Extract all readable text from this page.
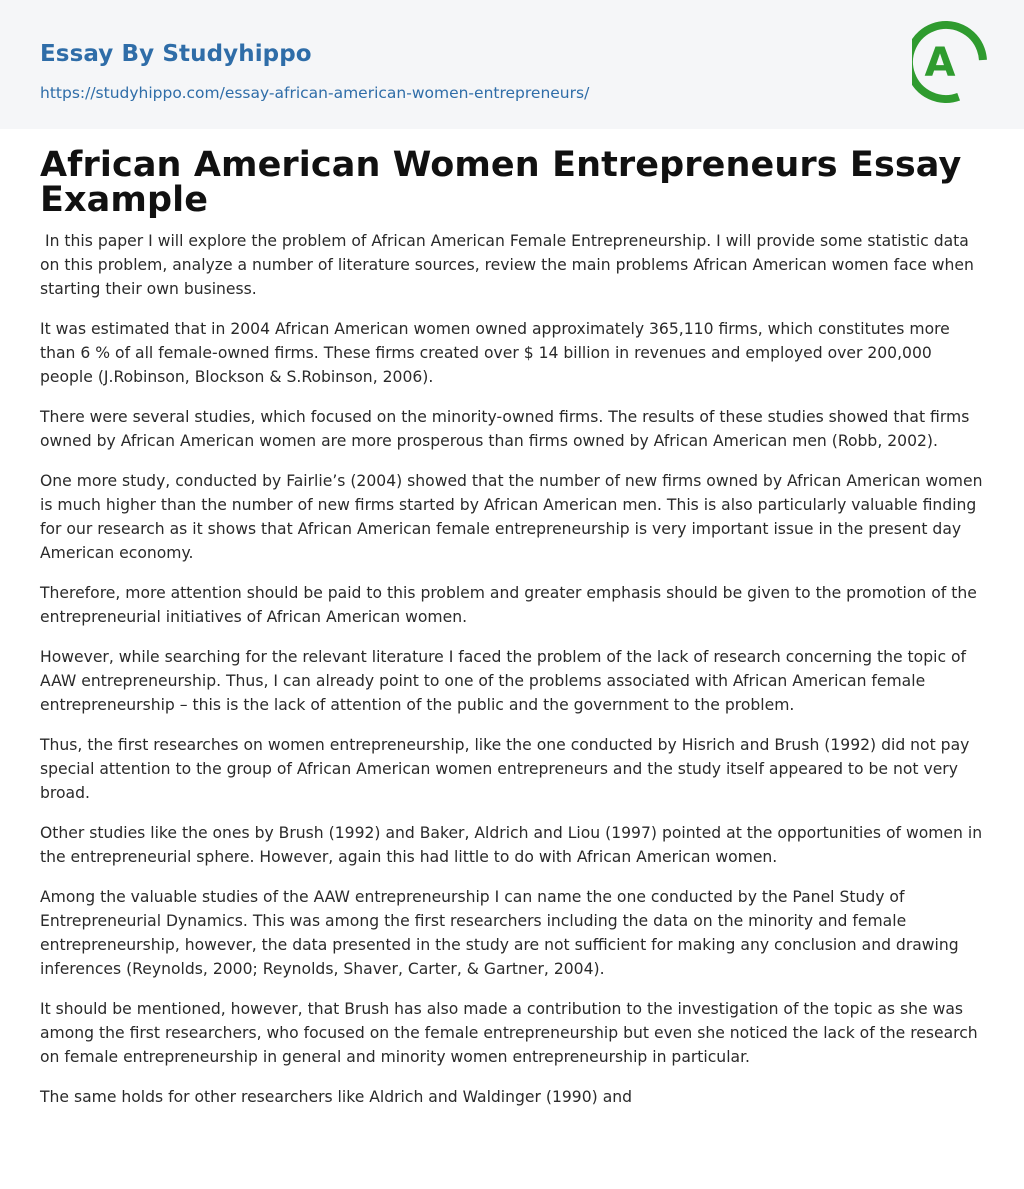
Essay By Studyhippo
https://studyhippo.com/essay-african-american-women-entrepreneurs/
A
African American Women Entrepreneurs Essay Example

In this paper I will explore the problem of African American Female Entrepreneurship. I will provide some statistic data on this problem, analyze a number of literature sources, review the main problems African American women face when starting their own business.

It was estimated that in 2004 African American women owned approximately 365,110 firms, which constitutes more than 6 % of all female-owned firms. These firms created over $ 14 billion in revenues and employed over 200,000 people (J.Robinson, Blockson & S.Robinson, 2006).

There were several studies, which focused on the minority-owned firms. The results of these studies showed that firms owned by African American women are more prosperous than firms owned by African American men (Robb, 2002).

One more study, conducted by Fairlie’s (2004) showed that the number of new firms owned by African American women is much higher than the number of new firms started by African American men. This is also particularly valuable finding for our research as it shows that African American female entrepreneurship is very important issue in the present day American economy.

Therefore, more attention should be paid to this problem and greater emphasis should be given to the promotion of the entrepreneurial initiatives of African American women.

However, while searching for the relevant literature I faced the problem of the lack of research concerning the topic of AAW entrepreneurship. Thus, I can already point to one of the problems associated with African American female entrepreneurship – this is the lack of attention of the public and the government to the problem.

Thus, the first researches on women entrepreneurship, like the one conducted by Hisrich and Brush (1992) did not pay special attention to the group of African American women entrepreneurs and the study itself appeared to be not very broad.

Other studies like the ones by Brush (1992) and Baker, Aldrich and Liou (1997) pointed at the opportunities of women in the entrepreneurial sphere. However, again this had little to do with African American women.

Among the valuable studies of the AAW entrepreneurship I can name the one conducted by the Panel Study of Entrepreneurial Dynamics. This was among the first researchers including the data on the minority and female entrepreneurship, however, the data presented in the study are not sufficient for making any conclusion and drawing inferences (Reynolds, 2000; Reynolds, Shaver, Carter, & Gartner, 2004).

It should be mentioned, however, that Brush has also made a contribution to the investigation of the topic as she was among the first researchers, who focused on the female entrepreneurship but even she noticed the lack of the research on female entrepreneurship in general and minority women entrepreneurship in particular.

The same holds for other researchers like Aldrich and Waldinger (1990) and
